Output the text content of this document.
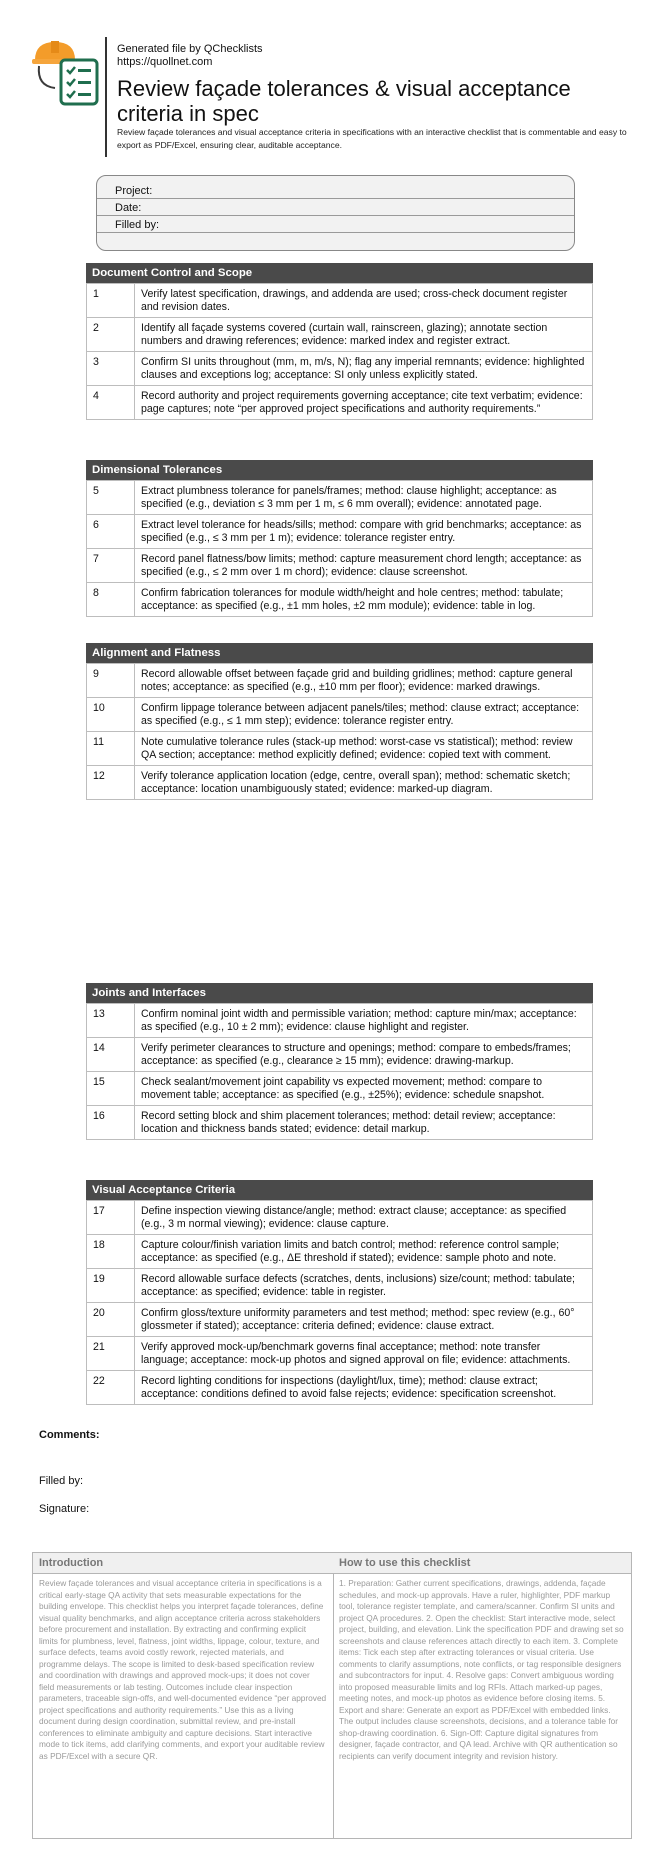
Generated file by QChecklists
https://quollnet.com
Review façade tolerances & visual acceptance criteria in spec
Review façade tolerances and visual acceptance criteria in specifications with an interactive checklist that is commentable and easy to export as PDF/Excel, ensuring clear, auditable acceptance.
Project:
Date:
Filled by:
Document Control and Scope
1	Verify latest specification, drawings, and addenda are used; cross-check document register and revision dates.
2	Identify all façade systems covered (curtain wall, rainscreen, glazing); annotate section numbers and drawing references; evidence: marked index and register extract.
3	Confirm SI units throughout (mm, m, m/s, N); flag any imperial remnants; evidence: highlighted clauses and exceptions log; acceptance: SI only unless explicitly stated.
4	Record authority and project requirements governing acceptance; cite text verbatim; evidence: page captures; note “per approved project specifications and authority requirements.”
Dimensional Tolerances
5	Extract plumbness tolerance for panels/frames; method: clause highlight; acceptance: as specified (e.g., deviation ≤ 3 mm per 1 m, ≤ 6 mm overall); evidence: annotated page.
6	Extract level tolerance for heads/sills; method: compare with grid benchmarks; acceptance: as specified (e.g., ≤ 3 mm per 1 m); evidence: tolerance register entry.
7	Record panel flatness/bow limits; method: capture measurement chord length; acceptance: as specified (e.g., ≤ 2 mm over 1 m chord); evidence: clause screenshot.
8	Confirm fabrication tolerances for module width/height and hole centres; method: tabulate; acceptance: as specified (e.g., ±1 mm holes, ±2 mm module); evidence: table in log.
Alignment and Flatness
9	Record allowable offset between façade grid and building gridlines; method: capture general notes; acceptance: as specified (e.g., ±10 mm per floor); evidence: marked drawings.
10	Confirm lippage tolerance between adjacent panels/tiles; method: clause extract; acceptance: as specified (e.g., ≤ 1 mm step); evidence: tolerance register entry.
11	Note cumulative tolerance rules (stack-up method: worst-case vs statistical); method: review QA section; acceptance: method explicitly defined; evidence: copied text with comment.
12	Verify tolerance application location (edge, centre, overall span); method: schematic sketch; acceptance: location unambiguously stated; evidence: marked-up diagram.
Joints and Interfaces
13	Confirm nominal joint width and permissible variation; method: capture min/max; acceptance: as specified (e.g., 10 ± 2 mm); evidence: clause highlight and register.
14	Verify perimeter clearances to structure and openings; method: compare to embeds/frames; acceptance: as specified (e.g., clearance ≥ 15 mm); evidence: drawing-markup.
15	Check sealant/movement joint capability vs expected movement; method: compare to movement table; acceptance: as specified (e.g., ±25%); evidence: schedule snapshot.
16	Record setting block and shim placement tolerances; method: detail review; acceptance: location and thickness bands stated; evidence: detail markup.
Visual Acceptance Criteria
17	Define inspection viewing distance/angle; method: extract clause; acceptance: as specified (e.g., 3 m normal viewing); evidence: clause capture.
18	Capture colour/finish variation limits and batch control; method: reference control sample; acceptance: as specified (e.g., ΔE threshold if stated); evidence: sample photo and note.
19	Record allowable surface defects (scratches, dents, inclusions) size/count; method: tabulate; acceptance: as specified; evidence: table in register.
20	Confirm gloss/texture uniformity parameters and test method; method: spec review (e.g., 60° glossmeter if stated); acceptance: criteria defined; evidence: clause extract.
21	Verify approved mock-up/benchmark governs final acceptance; method: note transfer language; acceptance: mock-up photos and signed approval on file; evidence: attachments.
22	Record lighting conditions for inspections (daylight/lux, time); method: clause extract; acceptance: conditions defined to avoid false rejects; evidence: specification screenshot.
Comments:
Filled by:
Signature:
Introduction
Review façade tolerances and visual acceptance criteria in specifications is a critical early-stage QA activity that sets measurable expectations for the building envelope. This checklist helps you interpret façade tolerances, define visual quality benchmarks, and align acceptance criteria across stakeholders before procurement and installation. By extracting and confirming explicit limits for plumbness, level, flatness, joint widths, lippage, colour, texture, and surface defects, teams avoid costly rework, rejected materials, and programme delays. The scope is limited to desk-based specification review and coordination with drawings and approved mock-ups; it does not cover field measurements or lab testing. Outcomes include clear inspection parameters, traceable sign-offs, and well-documented evidence “per approved project specifications and authority requirements.” Use this as a living document during design coordination, submittal review, and pre-install conferences to eliminate ambiguity and capture decisions. Start interactive mode to tick items, add clarifying comments, and export your auditable review as PDF/Excel with a secure QR.
How to use this checklist
1. Preparation: Gather current specifications, drawings, addenda, façade schedules, and mock-up approvals. Have a ruler, highlighter, PDF markup tool, tolerance register template, and camera/scanner. Confirm SI units and project QA procedures. 2. Open the checklist: Start interactive mode, select project, building, and elevation. Link the specification PDF and drawing set so screenshots and clause references attach directly to each item. 3. Complete items: Tick each step after extracting tolerances or visual criteria. Use comments to clarify assumptions, note conflicts, or tag responsible designers and subcontractors for input. 4. Resolve gaps: Convert ambiguous wording into proposed measurable limits and log RFIs. Attach marked-up pages, meeting notes, and mock-up photos as evidence before closing items. 5. Export and share: Generate an export as PDF/Excel with embedded links. The output includes clause screenshots, decisions, and a tolerance table for shop-drawing coordination. 6. Sign-Off: Capture digital signatures from designer, façade contractor, and QA lead. Archive with QR authentication so recipients can verify document integrity and revision history.
